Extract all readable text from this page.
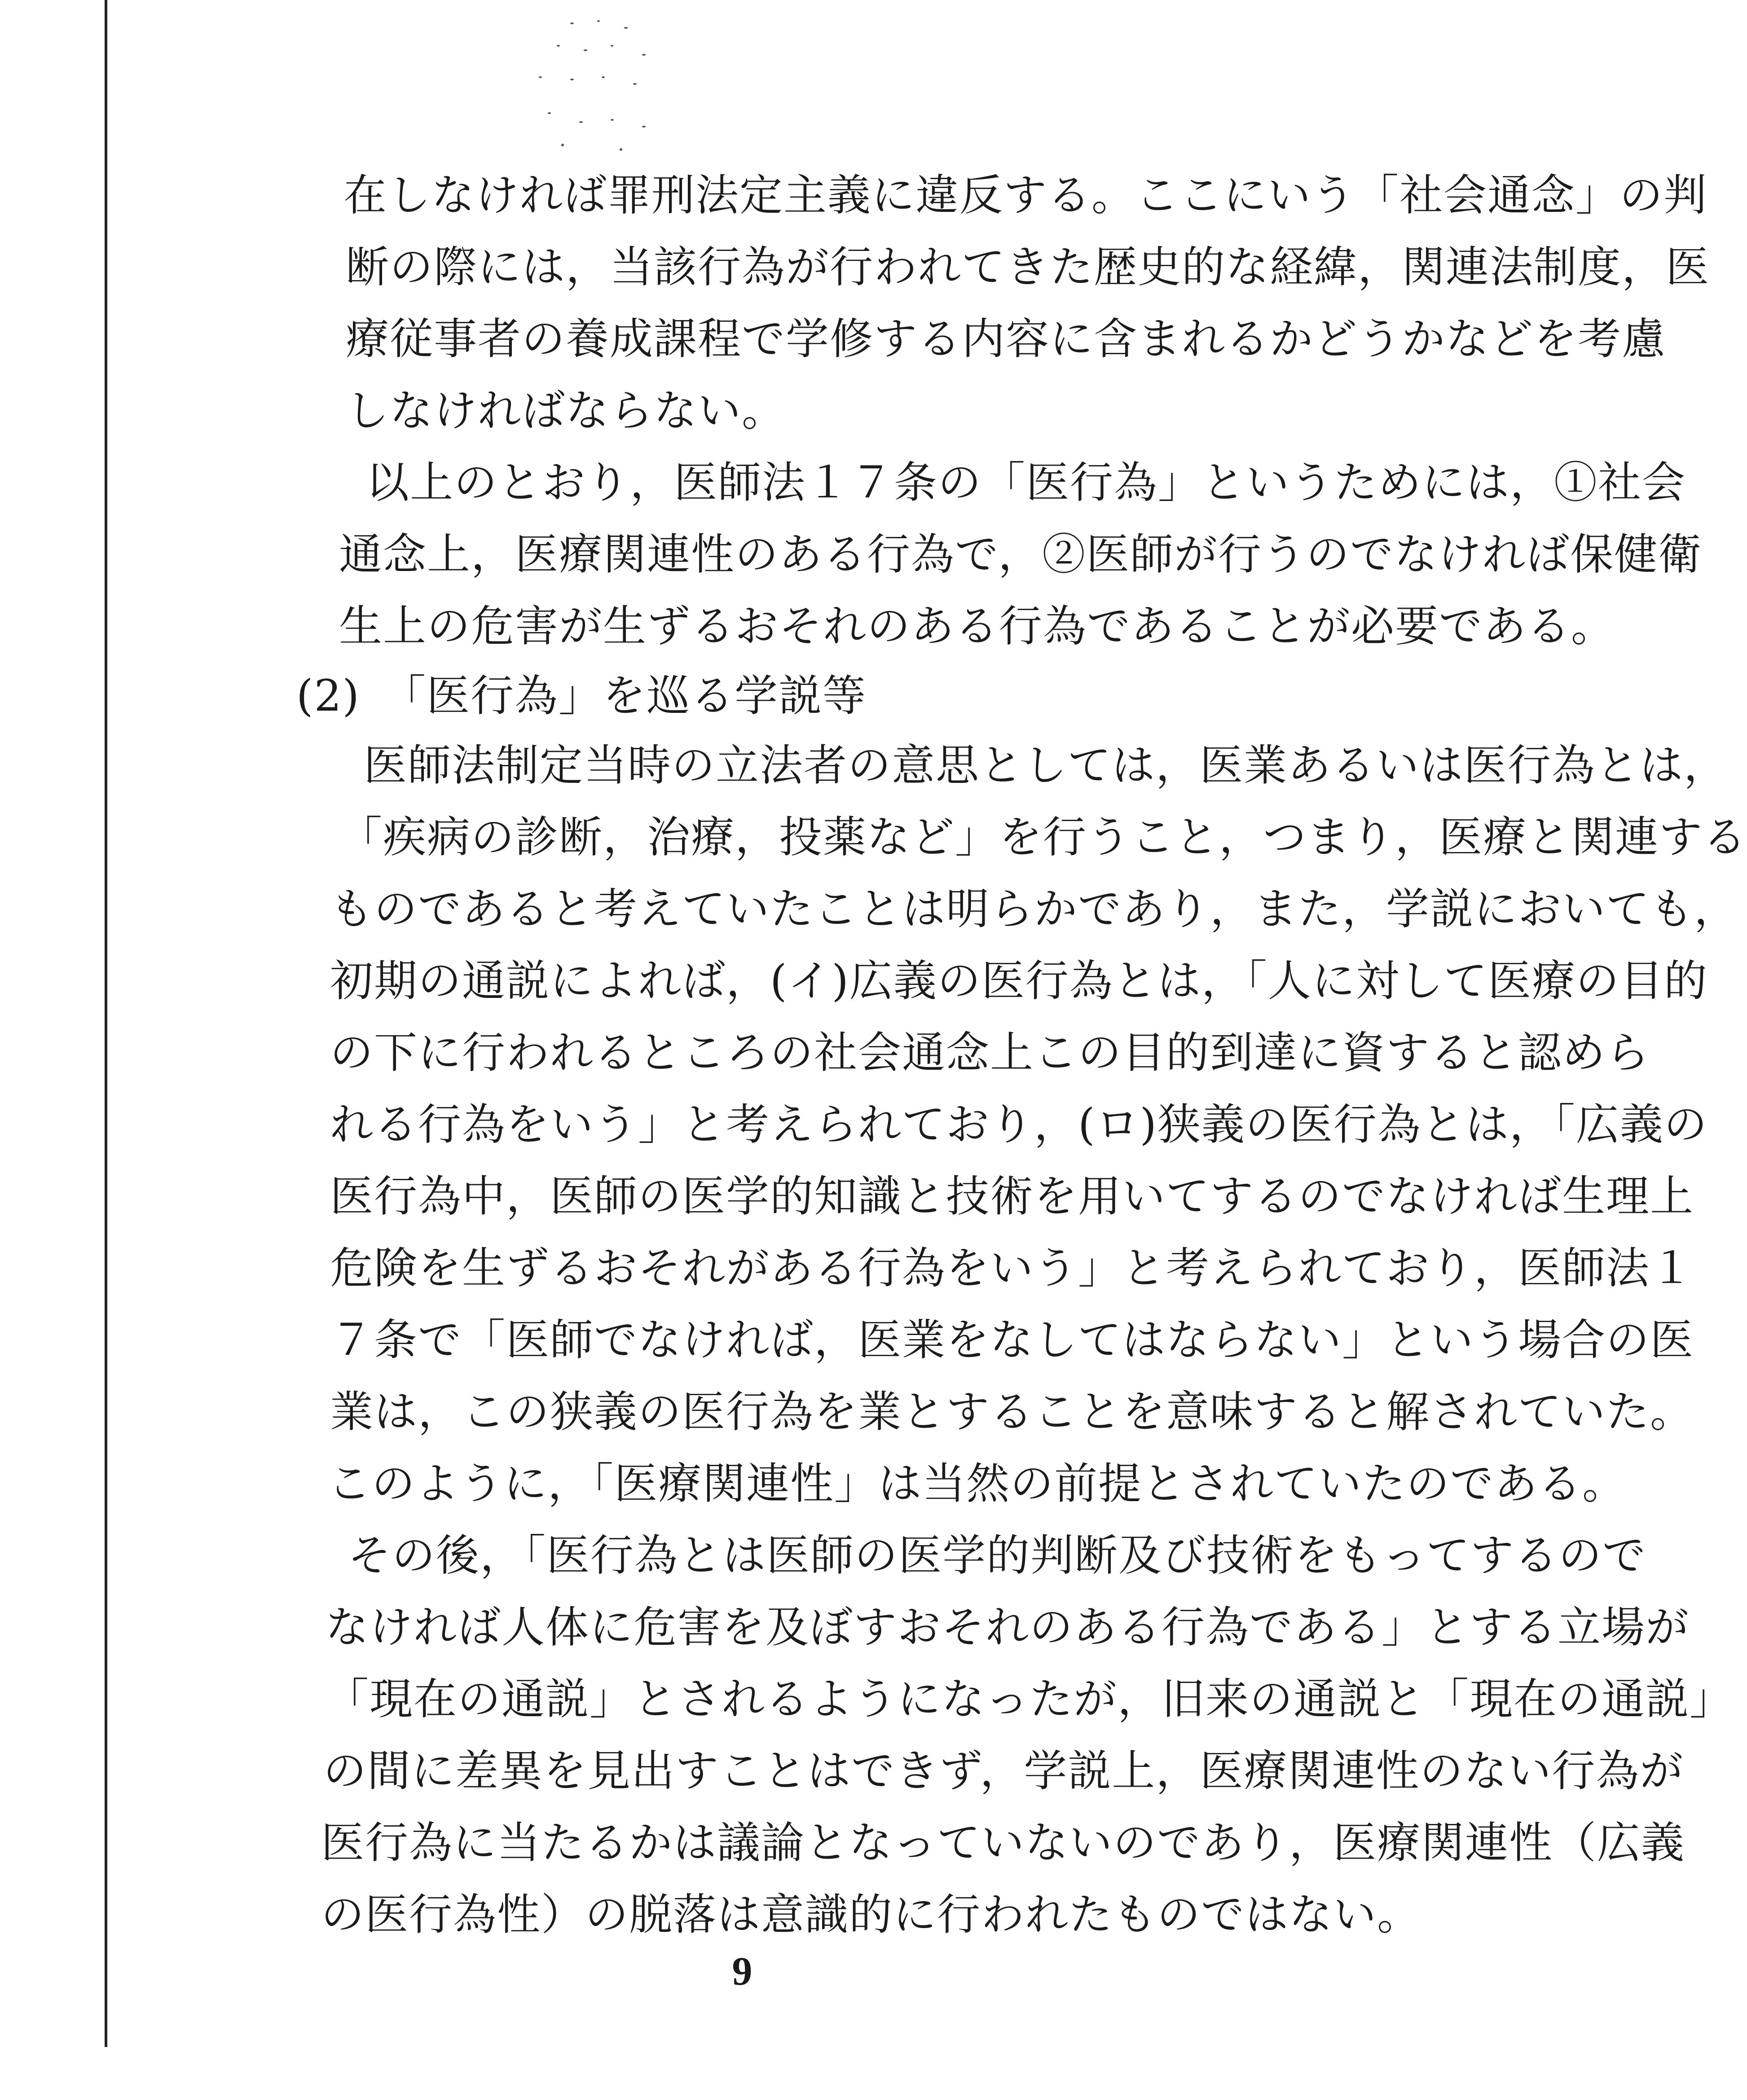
在しなければ罪刑法定主義に違反する。ここにいう「社会通念」の判
断の際には，当該行為が行われてきた歴史的な経緯，関連法制度，医
療従事者の養成課程で学修する内容に含まれるかどうかなどを考慮
しなければならない。
以上のとおり，医師法１７条の「医行為」というためには，①社会
通念上，医療関連性のある行為で，②医師が行うのでなければ保健衛
生上の危害が生ずるおそれのある行為であることが必要である。
(2)　「医行為」を巡る学説等
医師法制定当時の立法者の意思としては，医業あるいは医行為とは，
「疾病の診断，治療，投薬など」を行うこと，つまり，医療と関連する
ものであると考えていたことは明らかであり，また，学説においても，
初期の通説によれば，(イ)広義の医行為とは，「人に対して医療の目的
の下に行われるところの社会通念上この目的到達に資すると認めら
れる行為をいう」と考えられており，(ロ)狭義の医行為とは，「広義の
医行為中，医師の医学的知識と技術を用いてするのでなければ生理上
危険を生ずるおそれがある行為をいう」と考えられており，医師法１
７条で「医師でなければ，医業をなしてはならない」という場合の医
業は，この狭義の医行為を業とすることを意味すると解されていた。
このように，「医療関連性」は当然の前提とされていたのである。
その後，「医行為とは医師の医学的判断及び技術をもってするので
なければ人体に危害を及ぼすおそれのある行為である」とする立場が
「現在の通説」とされるようになったが，旧来の通説と「現在の通説」
の間に差異を見出すことはできず，学説上，医療関連性のない行為が
医行為に当たるかは議論となっていないのであり，医療関連性（広義
の医行為性）の脱落は意識的に行われたものではない。
9
